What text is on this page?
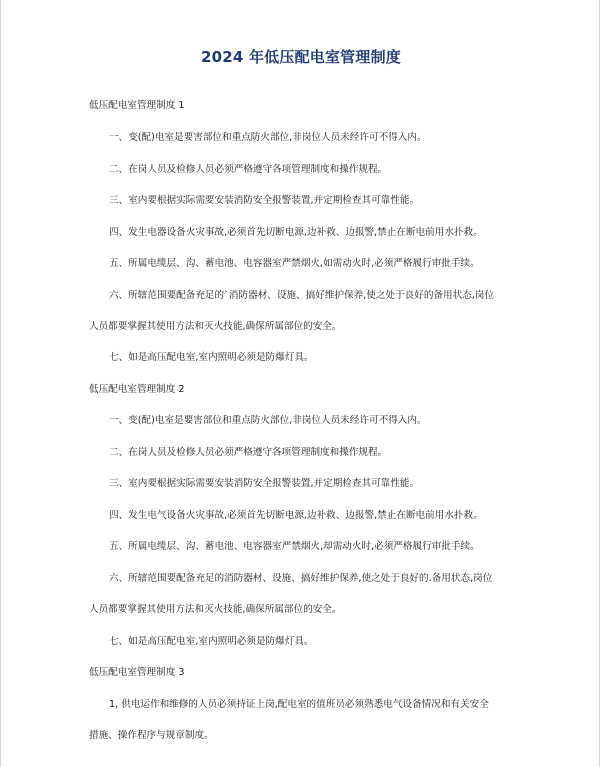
2024 年低压配电室管理制度

低压配电室管理制度 1

一、变(配)电室是要害部位和重点防火部位,非岗位人员未经许可不得入内。

二、在岗人员及检修人员必须严格遵守各项管理制度和操作规程。

三、室内要根据实际需要安装消防安全报警装置,并定期检查其可靠性能。

四、发生电器设备火灾事故,必须首先切断电源,边补救、边报警,禁止在断电前用水扑救。

五、所属电缆层、沟、蓄电池、电容器室严禁烟火,如需动火时,必须严格履行审批手续。

六、所辖范围要配备充足的`消防器材、设施、搞好维护保养,使之处于良好的备用状态,岗位

人员都要掌握其使用方法和灭火技能,确保所属部位的安全。

七、如是高压配电室,室内照明必须是防爆灯具。

低压配电室管理制度 2

一、变(配)电室是要害部位和重点防火部位,非岗位人员未经许可不得入内。

二、在岗人员及检修人员必须严格遵守各项管理制度和操作规程。

三、室内要根据实际需要安装消防安全报警装置,并定期检查其可靠性能。

四、发生电气设备火灾事故,必须首先切断电源,边补救、边报警,禁止在断电前用水扑救。

五、所属电缆层、沟、蓄电池、电容器室严禁烟火,却需动火时,必须严格履行审批手续。

六、所辖范围要配备充足的消防器材、设施、搞好维护保养,使之处于良好的.备用状态,岗位

人员都要掌握其使用方法和灭火技能,确保所属部位的安全。

七、如是高压配电室,室内照明必须是防爆灯具。

低压配电室管理制度 3

1, 供电运作和维修的人员必须持证上岗,配电室的值班员必须熟悉电气设备情况和有关安全

措施、操作程序与规章制度。
